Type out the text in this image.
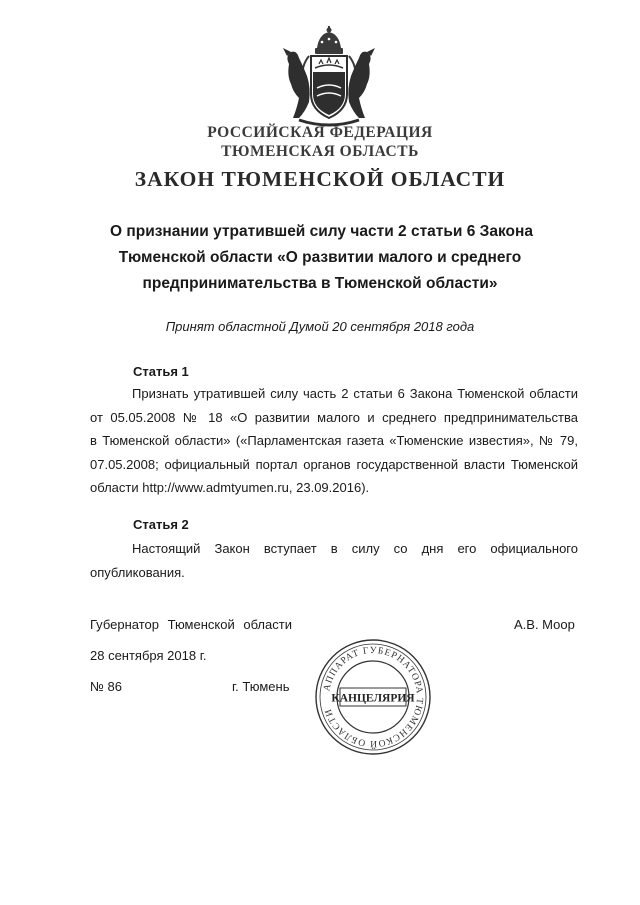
РОССИЙСКАЯ ФЕДЕРАЦИЯ
ТЮМЕНСКАЯ ОБЛАСТЬ
ЗАКОН ТЮМЕНСКОЙ ОБЛАСТИ
О признании утратившей силу части 2 статьи 6 Закона
Тюменской области «О развитии малого и среднего
предпринимательства в Тюменской области»
Принят областной Думой 20 сентября 2018 года
Статья 1
Признать утратившей силу часть 2 статьи 6 Закона Тюменской области
от 05.05.2008 № 18 «О развитии малого и среднего предпринимательства
в Тюменской области» («Парламентская газета «Тюменские известия», № 79,
07.05.2008; официальный портал органов государственной власти Тюменской
области http://www.admtyumen.ru, 23.09.2016).
Статья 2
Настоящий Закон вступает в силу со дня его официального
опубликования.
Губернатор Тюменской области	А.В. Моор
28 сентября 2018 г.
№ 86	г. Тюмень	АППАРАТ ГУБЕРНАТОРА ТЮМЕНСКОЙ ОБЛАСТИ
КАНЦЕЛЯРИЯ
